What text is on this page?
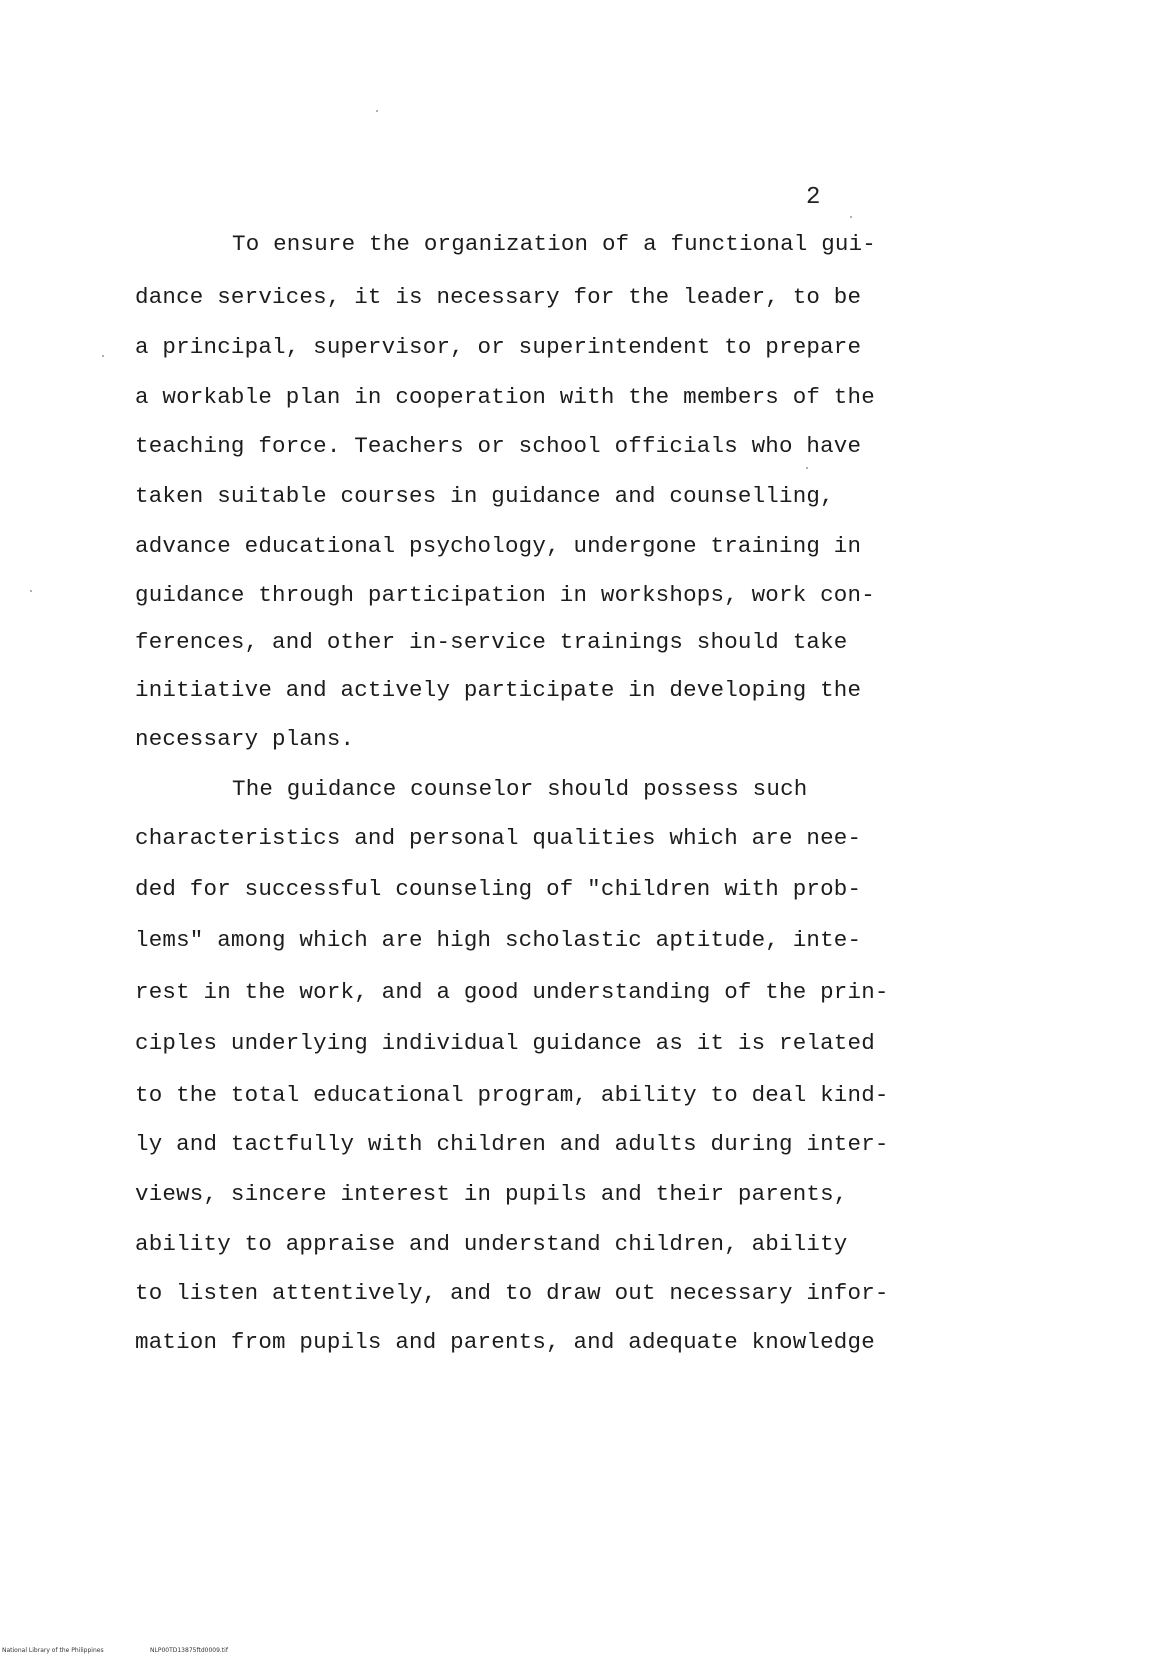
2
To ensure the organization of a functional gui-
dance services, it is necessary for the leader, to be
a principal, supervisor, or superintendent to prepare
a workable plan in cooperation with the members of the
teaching force. Teachers or school officials who have
taken suitable courses in guidance and counselling,
advance educational psychology, undergone training in
guidance through participation in workshops, work con-
ferences, and other in-service trainings should take
initiative and actively participate in developing the
necessary plans.
The guidance counselor should possess such
characteristics and personal qualities which are nee-
ded for successful counseling of "children with prob-
lems" among which are high scholastic aptitude, inte-
rest in the work, and a good understanding of the prin-
ciples underlying individual guidance as it is related
to the total educational program, ability to deal kind-
ly and tactfully with children and adults during inter-
views, sincere interest in pupils and their parents,
ability to appraise and understand children, ability
to listen attentively, and to draw out necessary infor-
mation from pupils and parents, and adequate knowledge
National Library of the Philippines	NLP00TD13875ftd0009.tif
